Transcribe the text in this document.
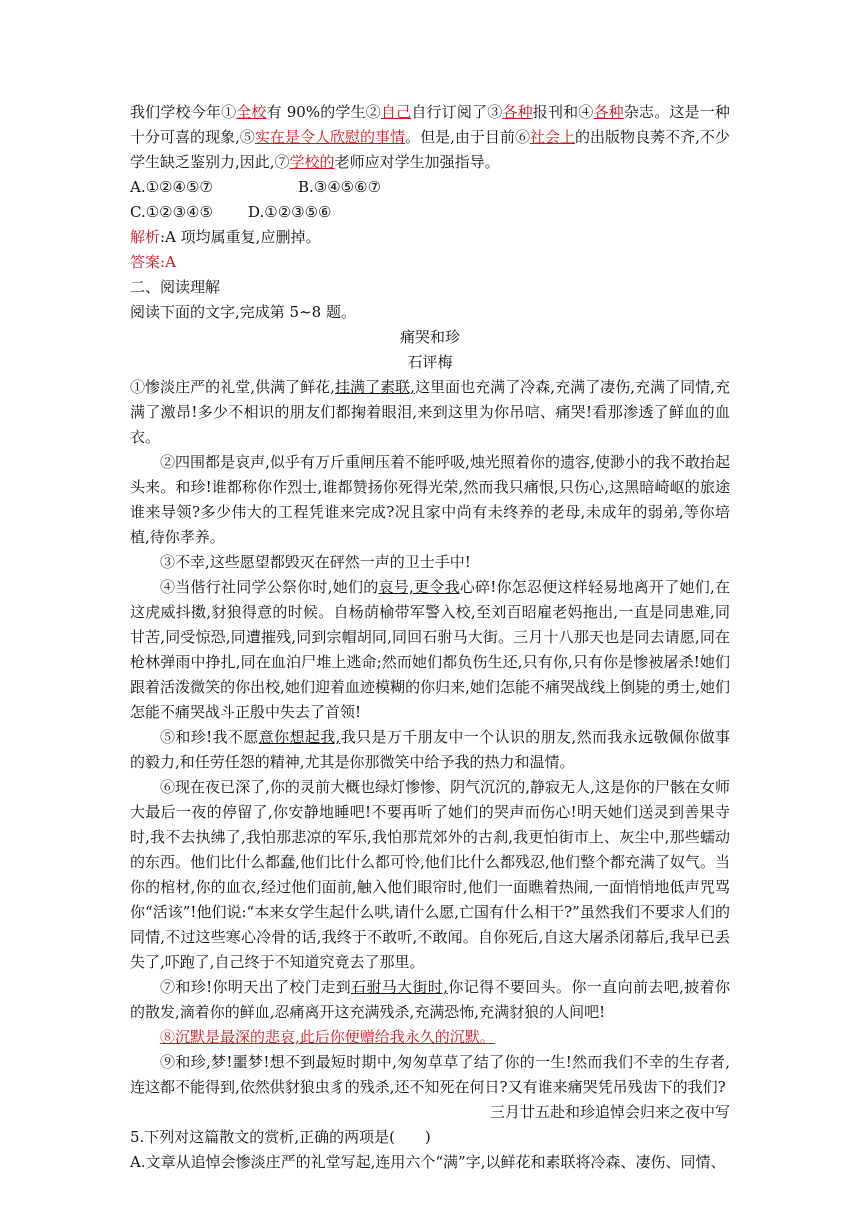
我们学校今年①全校有 90%的学生②自己自行订阅了③各种报刊和④各种杂志。这是一种十分可喜的现象,⑤实在是令人欣慰的事情。但是,由于目前⑥社会上的出版物良莠不齐,不少学生缺乏鉴别力,因此,⑦学校的老师应对学生加强指导。

A.①②④⑤⑦	B.③④⑤⑥⑦
C.①②③④⑤	D.①②③⑤⑥

解析:A 项均属重复,应删掉。

答案:A

二、阅读理解

阅读下面的文字,完成第 5~8 题。

痛哭和珍

石评梅

①惨淡庄严的礼堂,供满了鲜花,挂满了素联,这里面也充满了冷森,充满了凄伤,充满了同情,充满了激昂!多少不相识的朋友们都掬着眼泪,来到这里为你吊唁、痛哭!看那渗透了鲜血的血衣。

②四围都是哀声,似乎有万斤重闸压着不能呼吸,烛光照着你的遗容,使渺小的我不敢抬起头来。和珍!谁都称你作烈士,谁都赞扬你死得光荣,然而我只痛恨,只伤心,这黑暗崎岖的旅途谁来导领?多少伟大的工程凭谁来完成?况且家中尚有未终养的老母,未成年的弱弟,等你培植,待你孝养。

③不幸,这些愿望都毁灭在砰然一声的卫士手中!

④当偕行社同学公祭你时,她们的哀号,更令我心碎!你怎忍便这样轻易地离开了她们,在这虎威抖擞,豺狼得意的时候。自杨荫榆带军警入校,至刘百昭雇老妈拖出,一直是同患难,同甘苦,同受惊恐,同遭摧残,同到宗帽胡同,同回石驸马大街。三月十八那天也是同去请愿,同在枪林弹雨中挣扎,同在血泊尸堆上逃命;然而她们都负伤生还,只有你,只有你是惨被屠杀!她们跟着活泼微笑的你出校,她们迎着血迹模糊的你归来,她们怎能不痛哭战线上倒毙的勇士,她们怎能不痛哭战斗正殷中失去了首领!

⑤和珍!我不愿意你想起我,我只是万千朋友中一个认识的朋友,然而我永远敬佩你做事的毅力,和任劳任怨的精神,尤其是你那微笑中给予我的热力和温情。

⑥现在夜已深了,你的灵前大概也绿灯惨惨、阴气沉沉的,静寂无人,这是你的尸骸在女师大最后一夜的停留了,你安静地睡吧!不要再听了她们的哭声而伤心!明天她们送灵到善果寺时,我不去执绋了,我怕那悲凉的军乐,我怕那荒郊外的古刹,我更怕街市上、灰尘中,那些蠕动的东西。他们比什么都蠢,他们比什么都可怜,他们比什么都残忍,他们整个都充满了奴气。当你的棺材,你的血衣,经过他们面前,触入他们眼帘时,他们一面瞧着热闹,一面悄悄地低声咒骂你“活该”!他们说:“本来女学生起什么哄,请什么愿,亡国有什么相干?”虽然我们不要求人们的同情,不过这些寒心冷骨的话,我终于不敢听,不敢闻。自你死后,自这大屠杀闭幕后,我早已丢失了,吓跑了,自己终于不知道究竟去了那里。

⑦和珍!你明天出了校门走到石驸马大街时,你记得不要回头。你一直向前去吧,披着你的散发,滴着你的鲜血,忍痛离开这充满残杀,充满恐怖,充满豺狼的人间吧!

⑧沉默是最深的悲哀,此后你便赠给我永久的沉默。

⑨和珍,梦!噩梦!想不到最短时期中,匆匆草草了结了你的一生!然而我们不幸的生存者,连这都不能得到,依然供豺狼虫豸的残杀,还不知死在何日?又有谁来痛哭凭吊残齿下的我们?

三月廿五赴和珍追悼会归来之夜中写

5.下列对这篇散文的赏析,正确的两项是(　　)

A.文章从追悼会惨淡庄严的礼堂写起,连用六个“满”字,以鲜花和素联将冷森、凄伤、同情、
